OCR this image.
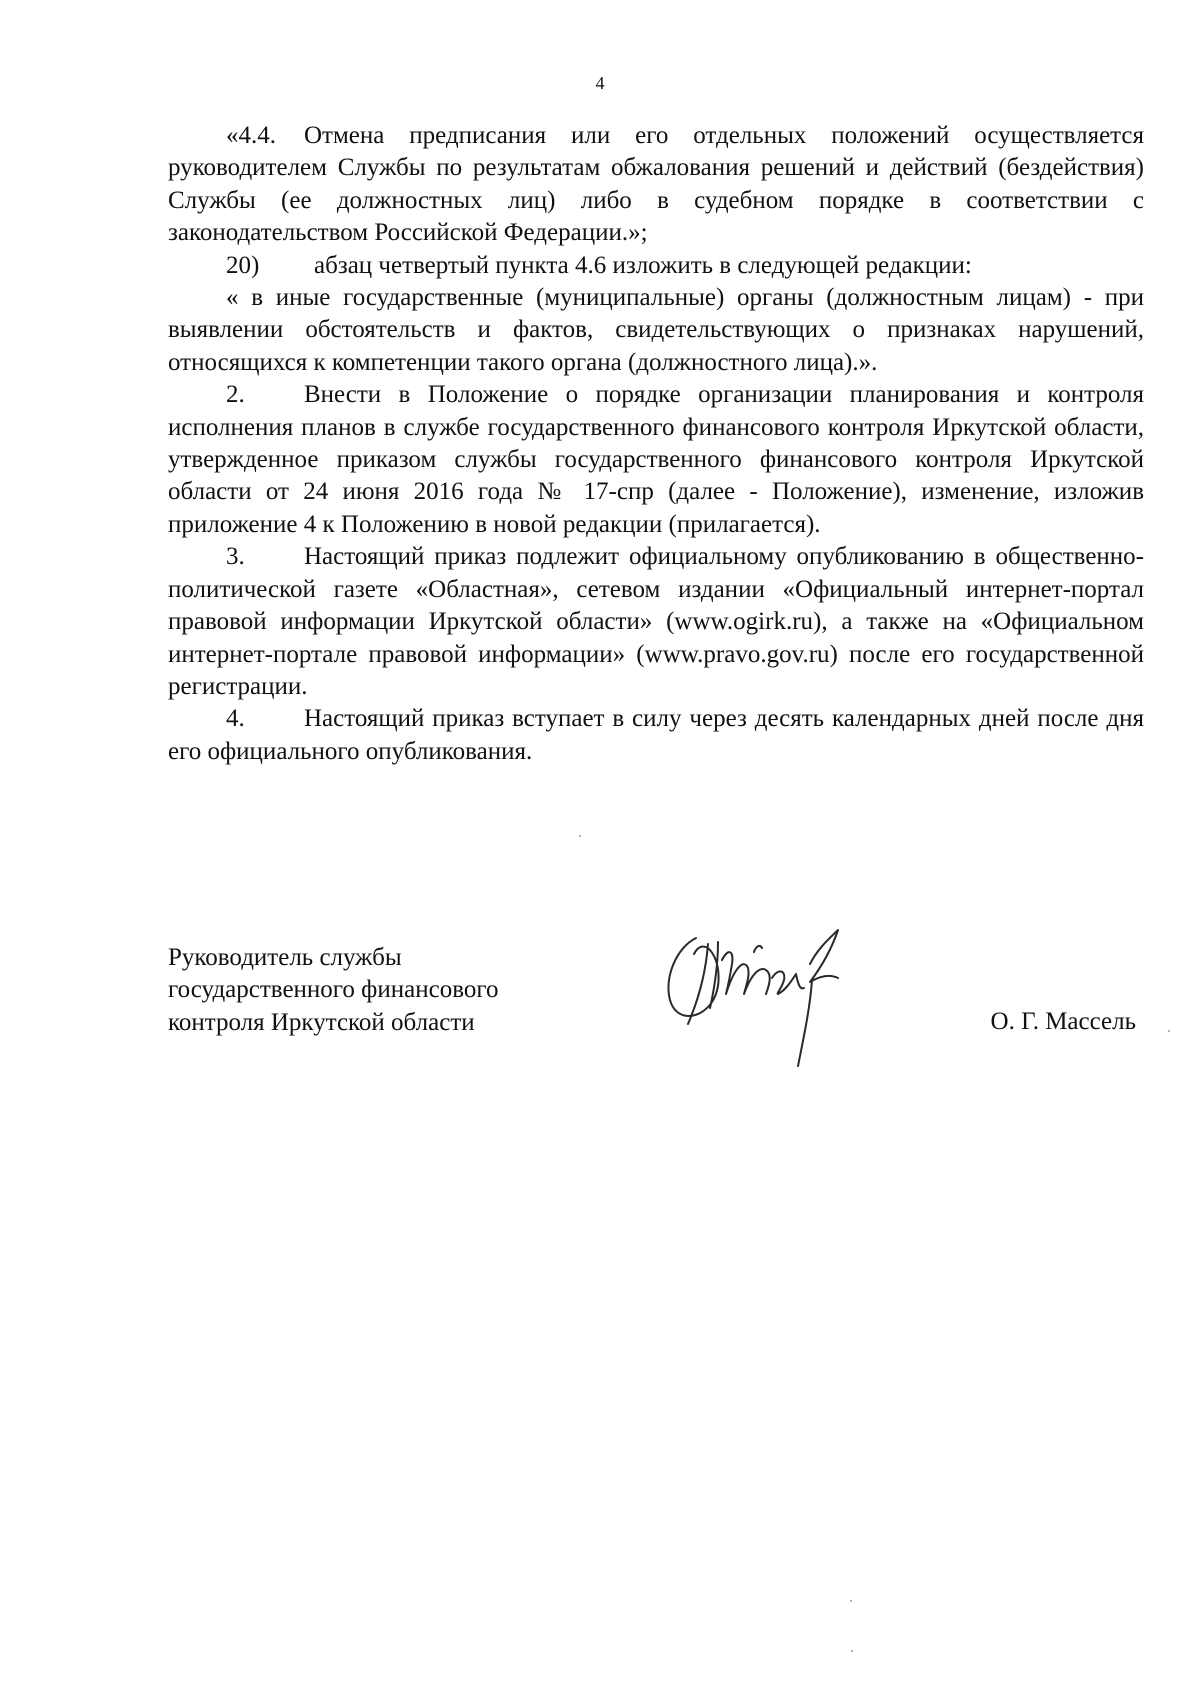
4

«4.4. Отмена предписания или его отдельных положений осуществляется руководителем Службы по результатам обжалования решений и действий (бездействия) Службы (ее должностных лиц) либо в судебном порядке в соответствии с законодательством Российской Федерации.»;

20) абзац четвертый пункта 4.6 изложить в следующей редакции:

« в иные государственные (муниципальные) органы (должностным лицам) - при выявлении обстоятельств и фактов, свидетельствующих о признаках нарушений, относящихся к компетенции такого органа (должностного лица).».

2. Внести в Положение о порядке организации планирования и контроля исполнения планов в службе государственного финансового контроля Иркутской области, утвержденное приказом службы государственного финансового контроля Иркутской области от 24 июня 2016 года № 17-спр (далее - Положение), изменение, изложив приложение 4 к Положению в новой редакции (прилагается).

3. Настоящий приказ подлежит официальному опубликованию в общественно-политической газете «Областная», сетевом издании «Официальный интернет-портал правовой информации Иркутской области» (www.ogirk.ru), а также на «Официальном интернет-портале правовой информации» (www.pravo.gov.ru) после его государственной регистрации.

4. Настоящий приказ вступает в силу через десять календарных дней после дня его официального опубликования.

Руководитель службы
государственного финансового
контроля Иркутской области	О. Г. Массель
